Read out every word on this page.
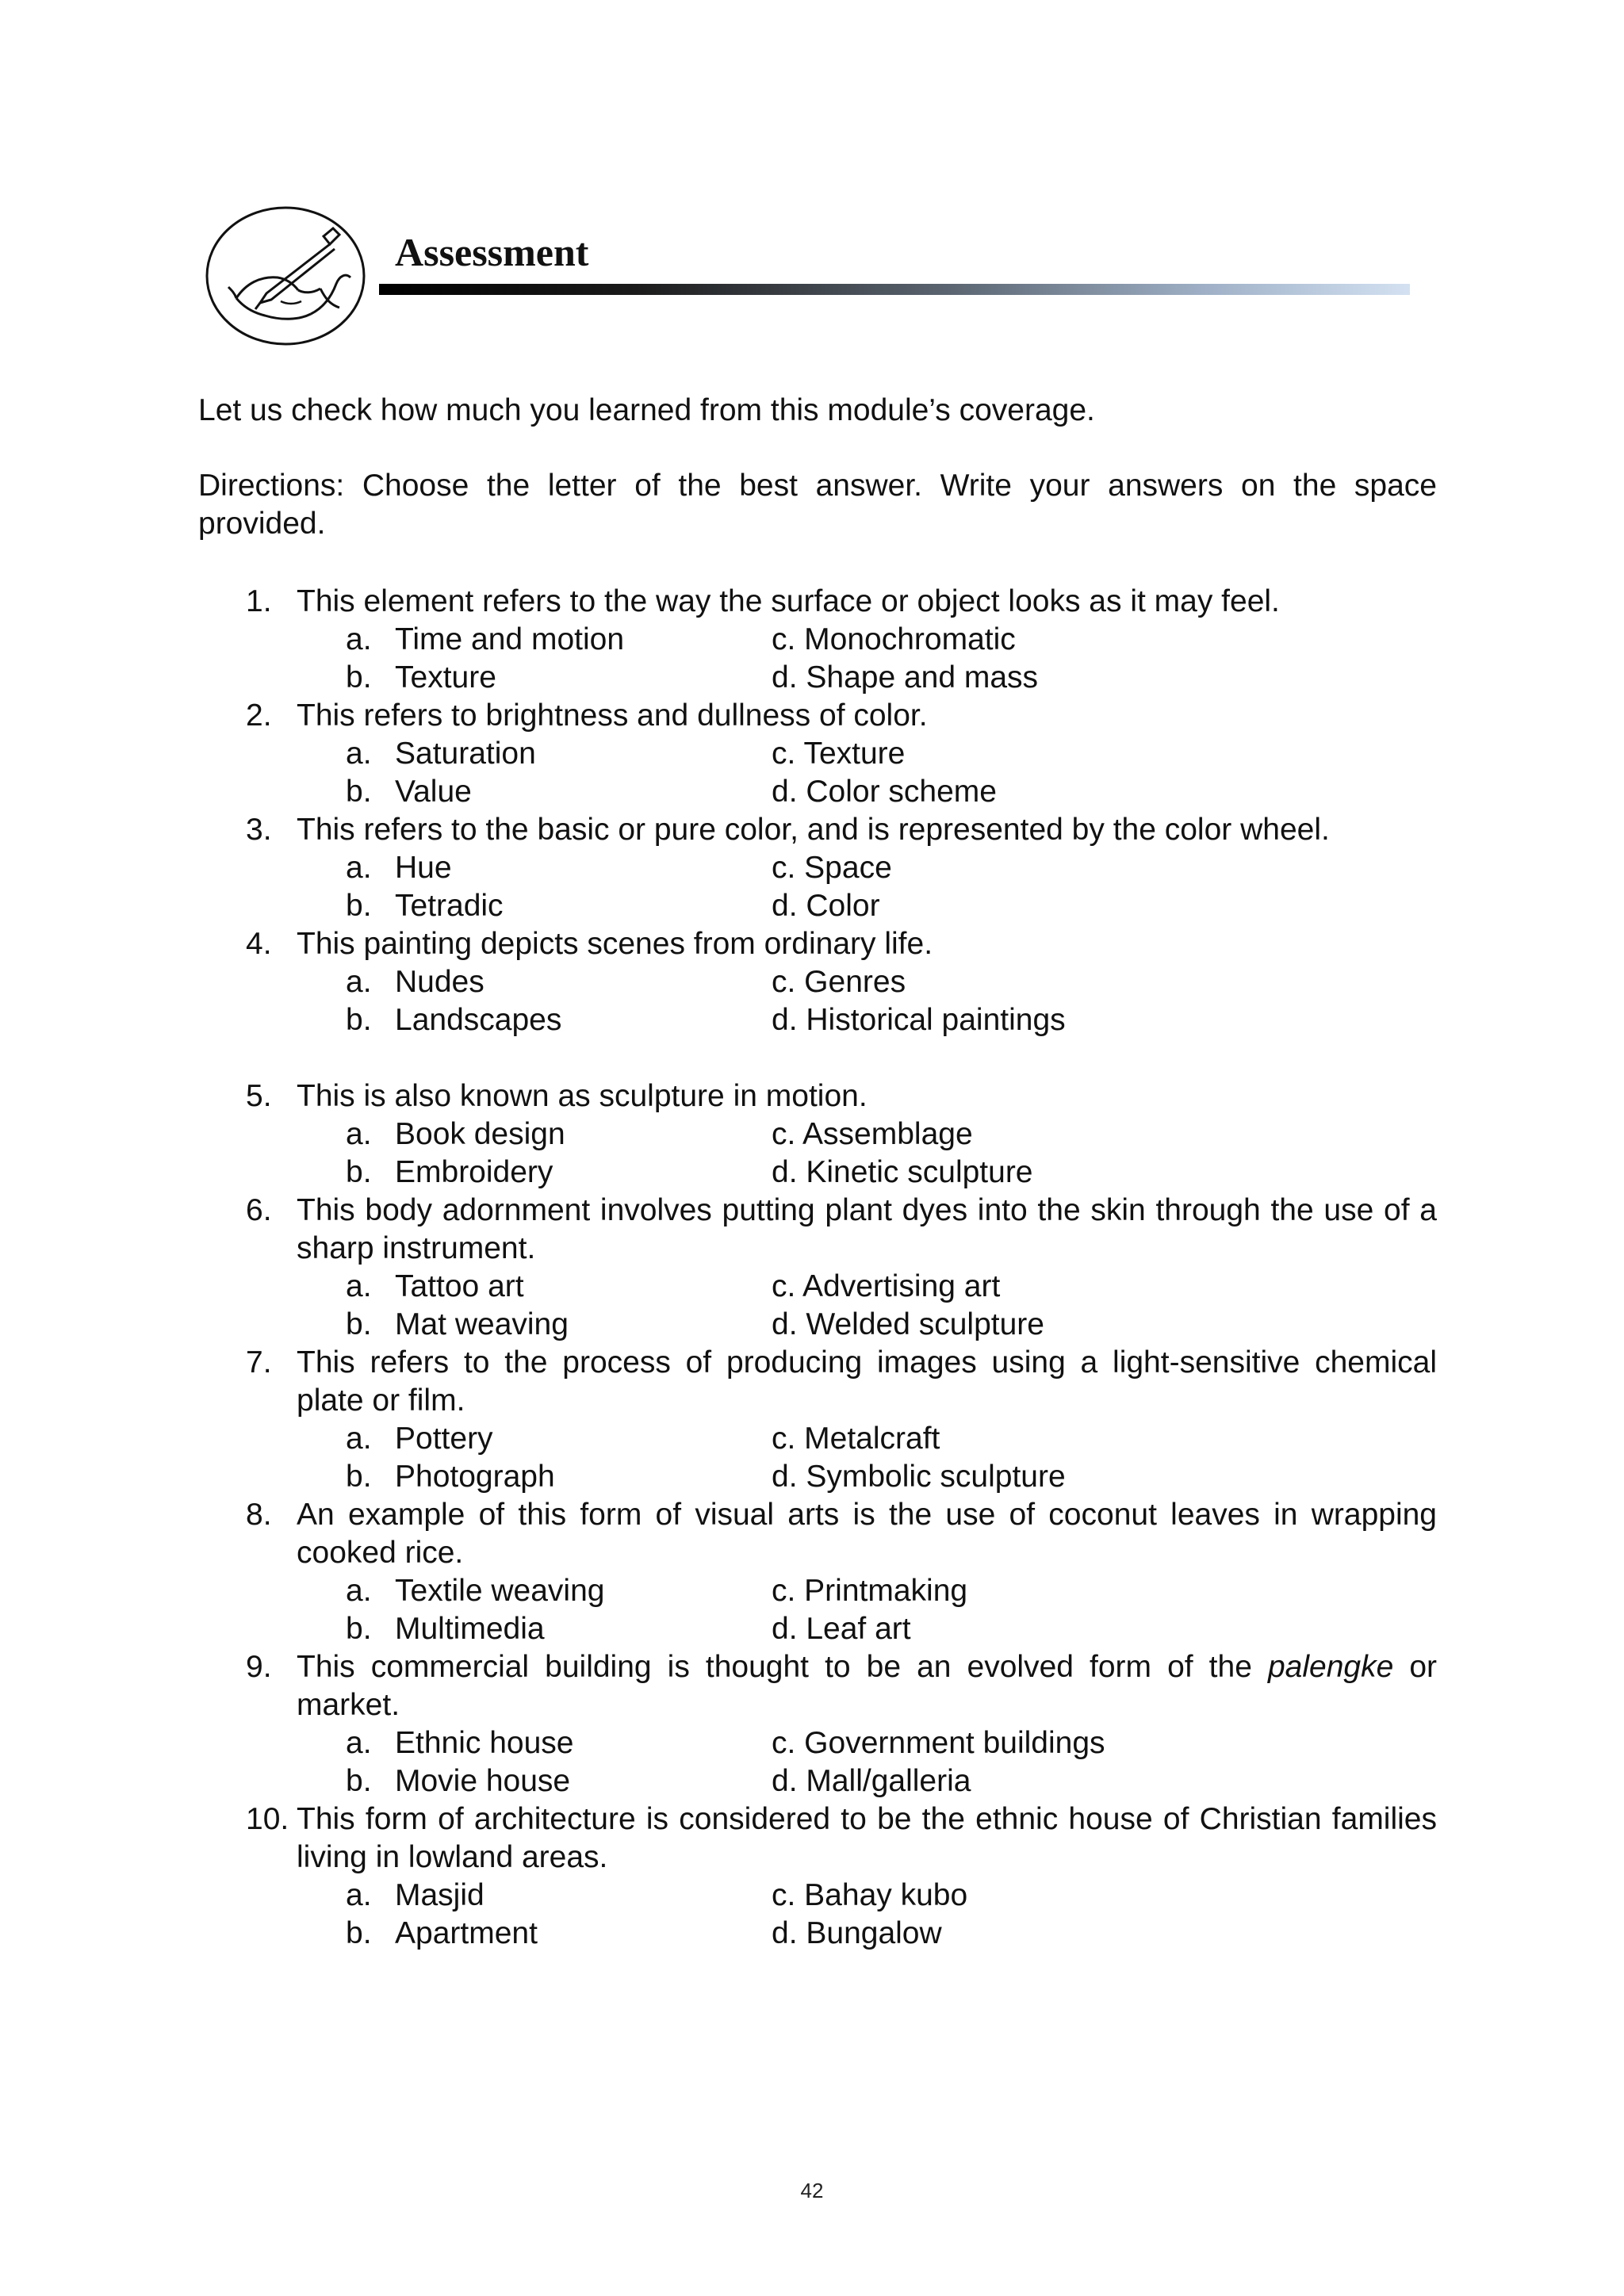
Assessment

Let us check how much you learned from this module’s coverage.

Directions: Choose the letter of the best answer. Write your answers on the space provided.

1. This element refers to the way the surface or object looks as it may feel.
a. Time and motion	c. Monochromatic
b. Texture	d. Shape and mass
2. This refers to brightness and dullness of color.
a. Saturation	c. Texture
b. Value	d. Color scheme
3. This refers to the basic or pure color, and is represented by the color wheel.
a. Hue	c. Space
b. Tetradic	d. Color
4. This painting depicts scenes from ordinary life.
a. Nudes	c. Genres
b. Landscapes	d. Historical paintings
5. This is also known as sculpture in motion.
a. Book design	c. Assemblage
b. Embroidery	d. Kinetic sculpture
6. This body adornment involves putting plant dyes into the skin through the use of a sharp instrument.
a. Tattoo art	c. Advertising art
b. Mat weaving	d. Welded sculpture
7. This refers to the process of producing images using a light-sensitive chemical plate or film.
a. Pottery	c. Metalcraft
b. Photograph	d. Symbolic sculpture
8. An example of this form of visual arts is the use of coconut leaves in wrapping cooked rice.
a. Textile weaving	c. Printmaking
b. Multimedia	d. Leaf art
9. This commercial building is thought to be an evolved form of the palengke or market.
a. Ethnic house	c. Government buildings
b. Movie house	d. Mall/galleria
10. This form of architecture is considered to be the ethnic house of Christian families living in lowland areas.
a. Masjid	c. Bahay kubo
b. Apartment	d. Bungalow
42
